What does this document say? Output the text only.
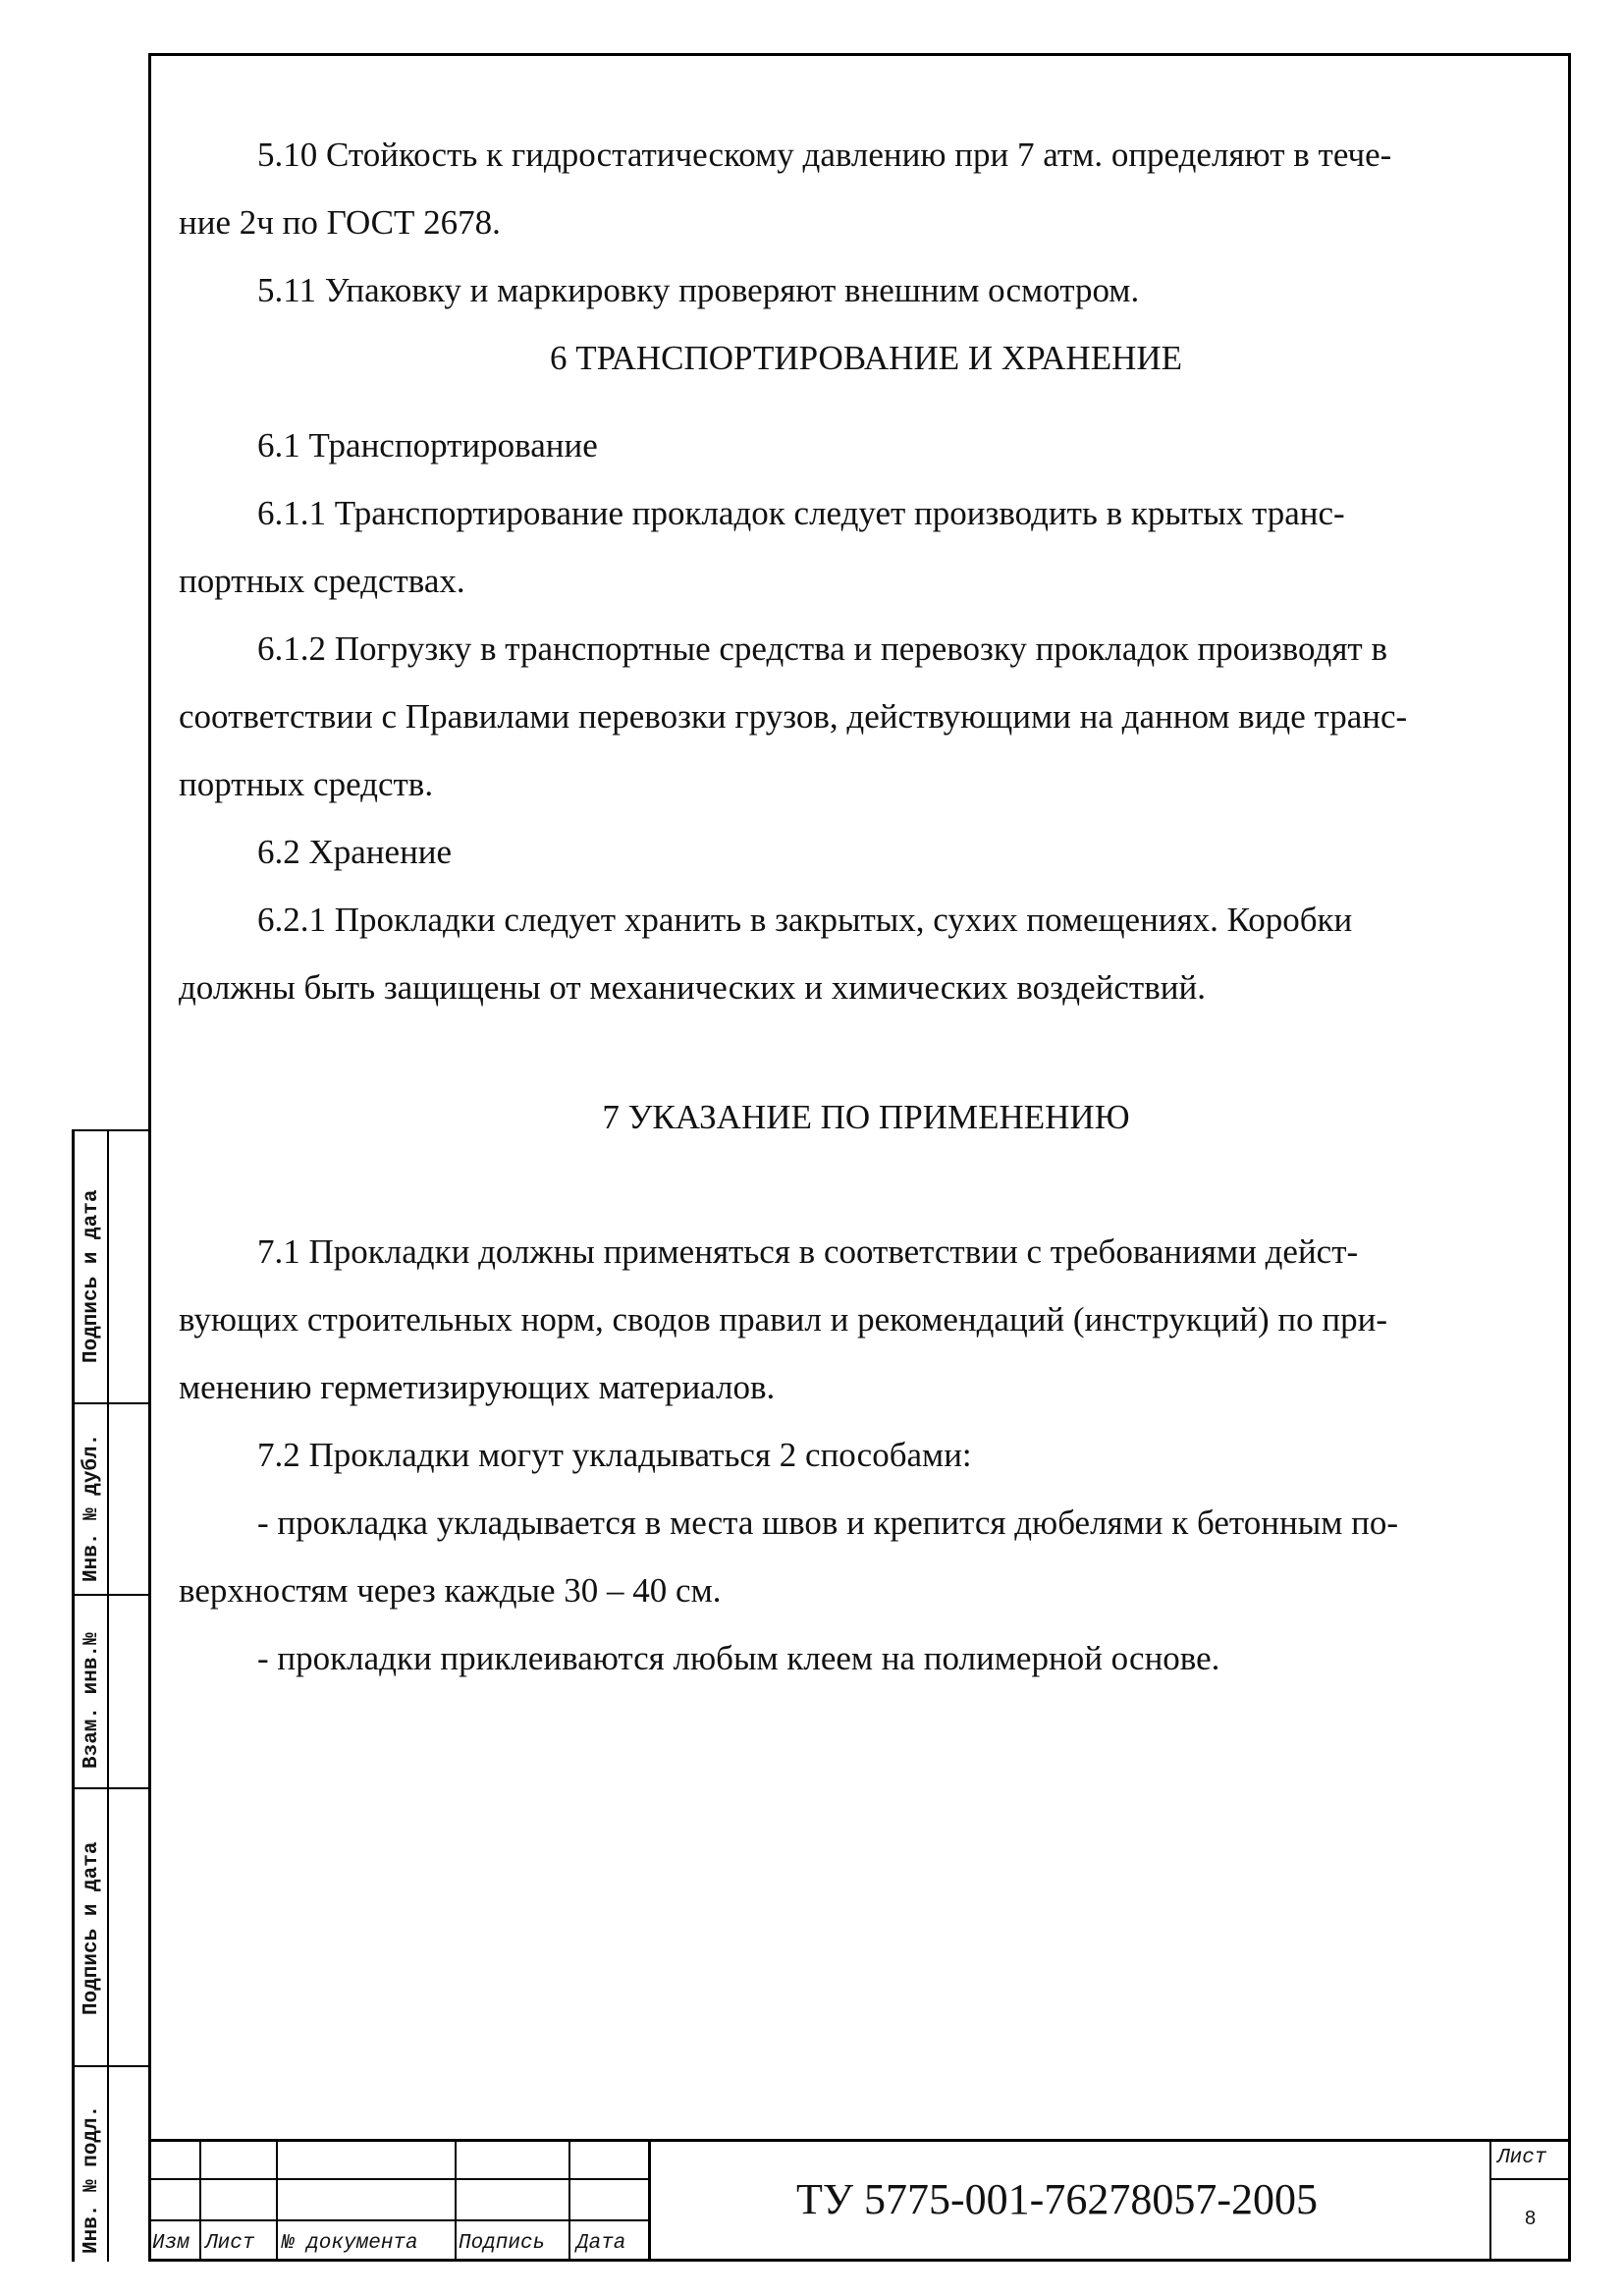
5.10 Стойкость к гидростатическому давлению при 7 атм. определяют в тече-

ние 2ч по ГОСТ 2678.

5.11 Упаковку и маркировку проверяют внешним осмотром.

6 ТРАНСПОРТИРОВАНИЕ И ХРАНЕНИЕ

6.1 Транспортирование

6.1.1 Транспортирование прокладок следует производить в крытых транс-

портных средствах.

6.1.2 Погрузку в транспортные средства и перевозку прокладок производят в

соответствии с Правилами перевозки грузов, действующими на данном виде транс-

портных средств.

6.2 Хранение

6.2.1 Прокладки следует хранить в закрытых, сухих помещениях. Коробки

должны быть защищены от механических и химических воздействий.

7 УКАЗАНИЕ ПО ПРИМЕНЕНИЮ

7.1 Прокладки должны применяться в соответствии с требованиями дейст-

вующих строительных норм, сводов правил и рекомендаций (инструкций) по при-

менению герметизирующих материалов.

7.2 Прокладки могут укладываться 2 способами:

- прокладка укладывается в места швов и крепится дюбелями к бетонным по-

верхностям через каждые 30 – 40 см.

- прокладки приклеиваются любым клеем на полимерной основе.

Изм Лист № документа Подпись Дата
ТУ 5775-001-76278057-2005
Лист
8
Подпись и дата
Инв. № дубл.
Взам. инв.№
Подпись и дата
Инв. № подл.
